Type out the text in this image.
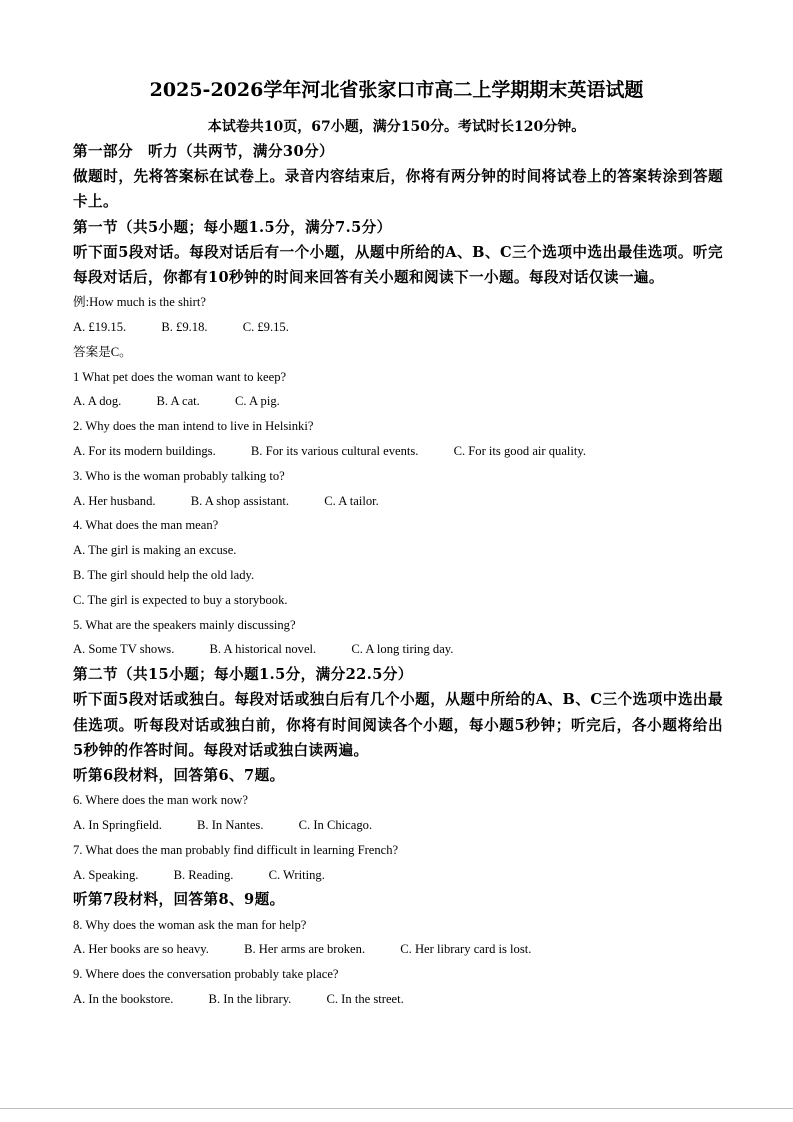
2025-2026学年河北省张家口市高二上学期期末英语试题
本试卷共10页，67小题，满分150分。考试时长120分钟。

第一部分　听力（共两节，满分30分）

做题时，先将答案标在试卷上。录音内容结束后，你将有两分钟的时间将试卷上的答案转涂到答题卡上。

第一节（共5小题；每小题1.5分，满分7.5分）

听下面5段对话。每段对话后有一个小题，从题中所给的A、B、C三个选项中选出最佳选项。听完每段对话后，你都有10秒钟的时间来回答有关小题和阅读下一小题。每段对话仅读一遍。

例:How much is the shirt?

A. £19.15.	B. £9.18.	C. £9.15.

答案是C。

1 What pet does the woman want to keep?

A. A dog.	B. A cat.	C. A pig.

2. Why does the man intend to live in Helsinki?

A. For its modern buildings.	B. For its various cultural events.	C. For its good air quality.

3. Who is the woman probably talking to?

A. Her husband.	B. A shop assistant.	C. A tailor.

4. What does the man mean?

A. The girl is making an excuse.

B. The girl should help the old lady.

C. The girl is expected to buy a storybook.

5. What are the speakers mainly discussing?

A. Some TV shows.	B. A historical novel.	C. A long tiring day.

第二节（共15小题；每小题1.5分，满分22.5分）

听下面5段对话或独白。每段对话或独白后有几个小题，从题中所给的A、B、C三个选项中选出最佳选项。听每段对话或独白前，你将有时间阅读各个小题，每小题5秒钟；听完后，各小题将给出5秒钟的作答时间。每段对话或独白读两遍。

听第6段材料，回答第6、7题。

6. Where does the man work now?

A. In Springfield.	B. In Nantes.	C. In Chicago.

7. What does the man probably find difficult in learning French?

A. Speaking.	B. Reading.	C. Writing.

听第7段材料，回答第8、9题。

8. Why does the woman ask the man for help?

A. Her books are so heavy.	B. Her arms are broken.	C. Her library card is lost.

9. Where does the conversation probably take place?

A. In the bookstore.	B. In the library.	C. In the street.
